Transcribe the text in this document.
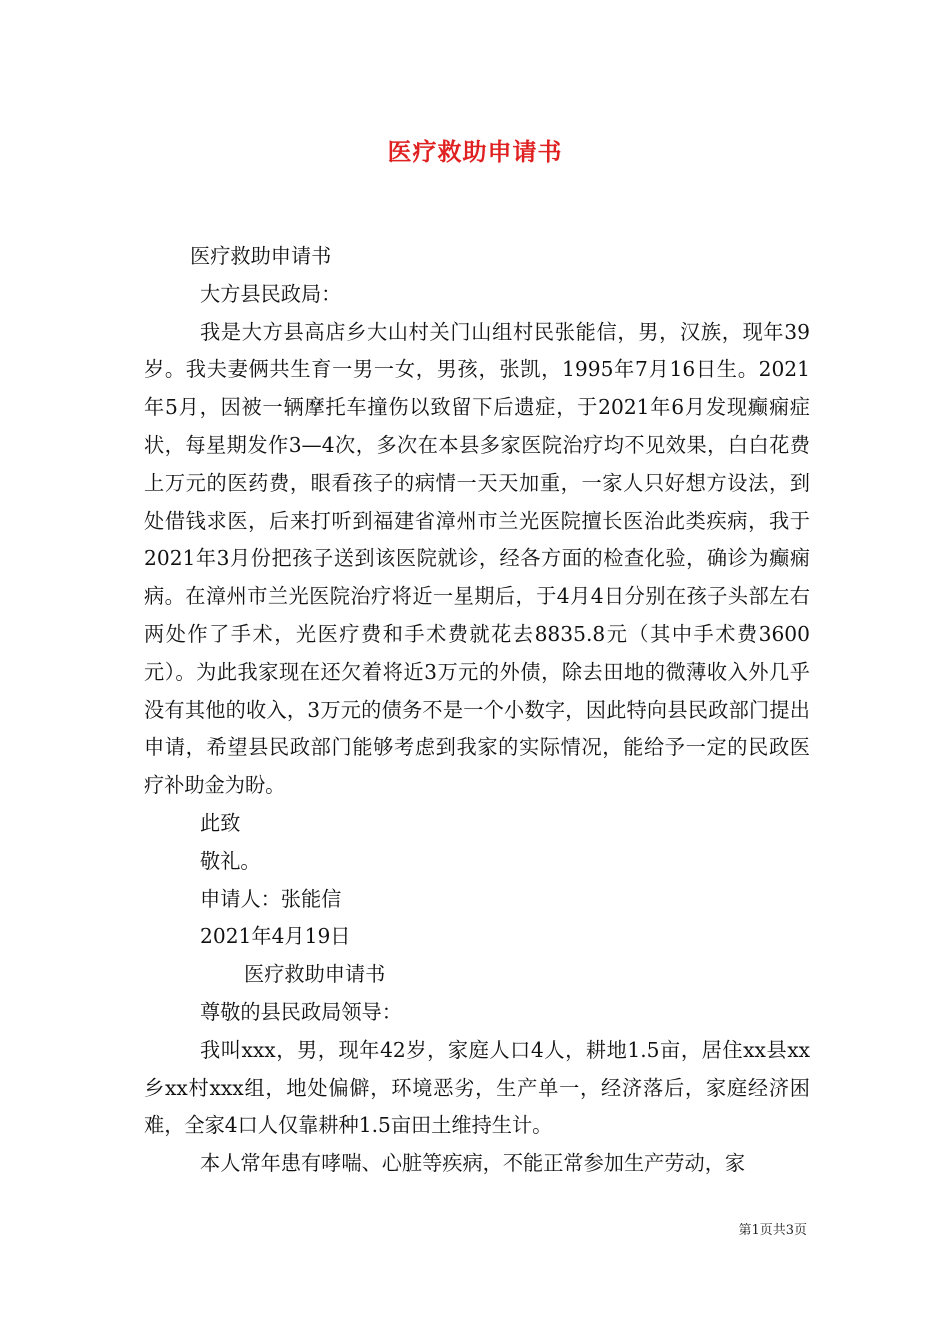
医疗救助申请书

医疗救助申请书

大方县民政局：

我是大方县高店乡大山村关门山组村民张能信，男，汉族，现年39岁。我夫妻俩共生育一男一女，男孩，张凯，1995年7月16日生。2021年5月，因被一辆摩托车撞伤以致留下后遗症，于2021年6月发现癫痫症状，每星期发作3—4次，多次在本县多家医院治疗均不见效果，白白花费上万元的医药费，眼看孩子的病情一天天加重，一家人只好想方设法，到处借钱求医，后来打听到福建省漳州市兰光医院擅长医治此类疾病，我于2021年3月份把孩子送到该医院就诊，经各方面的检查化验，确诊为癫痫病。在漳州市兰光医院治疗将近一星期后，于4月4日分别在孩子头部左右两处作了手术，光医疗费和手术费就花去8835.8元（其中手术费3600元）。为此我家现在还欠着将近3万元的外债，除去田地的微薄收入外几乎没有其他的收入，3万元的债务不是一个小数字，因此特向县民政部门提出申请，希望县民政部门能够考虑到我家的实际情况，能给予一定的民政医疗补助金为盼。

此致

敬礼。

申请人：张能信

2021年4月19日

医疗救助申请书

尊敬的县民政局领导：

我叫xxx，男，现年42岁，家庭人口4人，耕地1.5亩，居住xx县xx乡xx村xxx组，地处偏僻，环境恶劣，生产单一，经济落后，家庭经济困难，全家4口人仅靠耕种1.5亩田土维持生计。

本人常年患有哮喘、心脏等疾病，不能正常参加生产劳动，家

第1页共3页
